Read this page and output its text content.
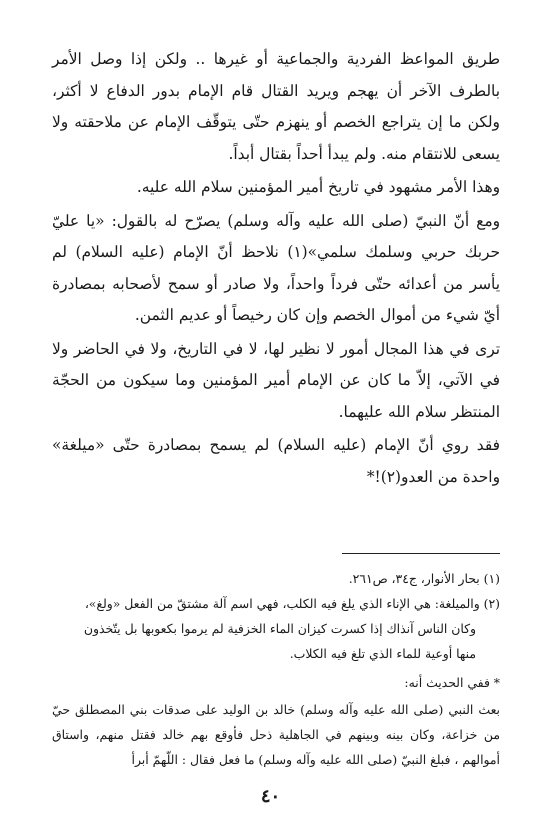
طريق المواعظ الفردية والجماعية أو غيرها .. ولكن إذا وصل الأمر بالطرف الآخر أن يهجم ويريد القتال قام الإمام بدور الدفاع لا أكثر، ولكن ما إن يتراجع الخصم أو ينهزم حتّى يتوقّف الإمام عن ملاحقته ولا يسعى للانتقام منه. ولم يبدأ أحداً بقتال أبداً.

وهذا الأمر مشهود في تاريخ أمير المؤمنين سلام الله عليه.

ومع أنّ النبيّ (صلى الله عليه وآله وسلم) يصرّح له بالقول: «يا عليّ حربك حربي وسلمك سلمي»(١) نلاحظ أنّ الإمام (عليه السلام) لم يأسر من أعدائه حتّى فرداً واحداً، ولا صادر أو سمح لأصحابه بمصادرة أيّ شيء من أموال الخصم وإن كان رخيصاً أو عديم الثمن.

ترى في هذا المجال أمور لا نظير لها، لا في التاريخ، ولا في الحاضر ولا في الآتي، إلاّ ما كان عن الإمام أمير المؤمنين وما سيكون من الحجّة المنتظر سلام الله عليهما.

فقد روي أنّ الإمام (عليه السلام) لم يسمح بمصادرة حتّى «ميلغة» واحدة من العدو(٢)!*

(١) بحار الأنوار، ج٣٤، ص٢٦١.

(٢) والميلغة: هي الإناء الذي يلغ فيه الكلب، فهي اسم آلة مشتقّ من الفعل «ولغ»،
وكان الناس آنذاك إذا كسرت كيزان الماء الخزفية لم يرموا بكعوبها بل يتّخذون
منها أوعية للماء الذي تلغ فيه الكلاب.

* ففي الحديث أنه:

بعث النبي (صلى الله عليه وآله وسلم) خالد بن الوليد على صدقات بني المصطلق حيّ من خزاعة، وكان بينه وبينهم في الجاهلية ذحل فأوقع بهم خالد فقتل منهم، واستاق أموالهم ، فبلغ النبيّ (صلى الله عليه وآله وسلم) ما فعل فقال : اللّهمّ أبرأ

٤٠
